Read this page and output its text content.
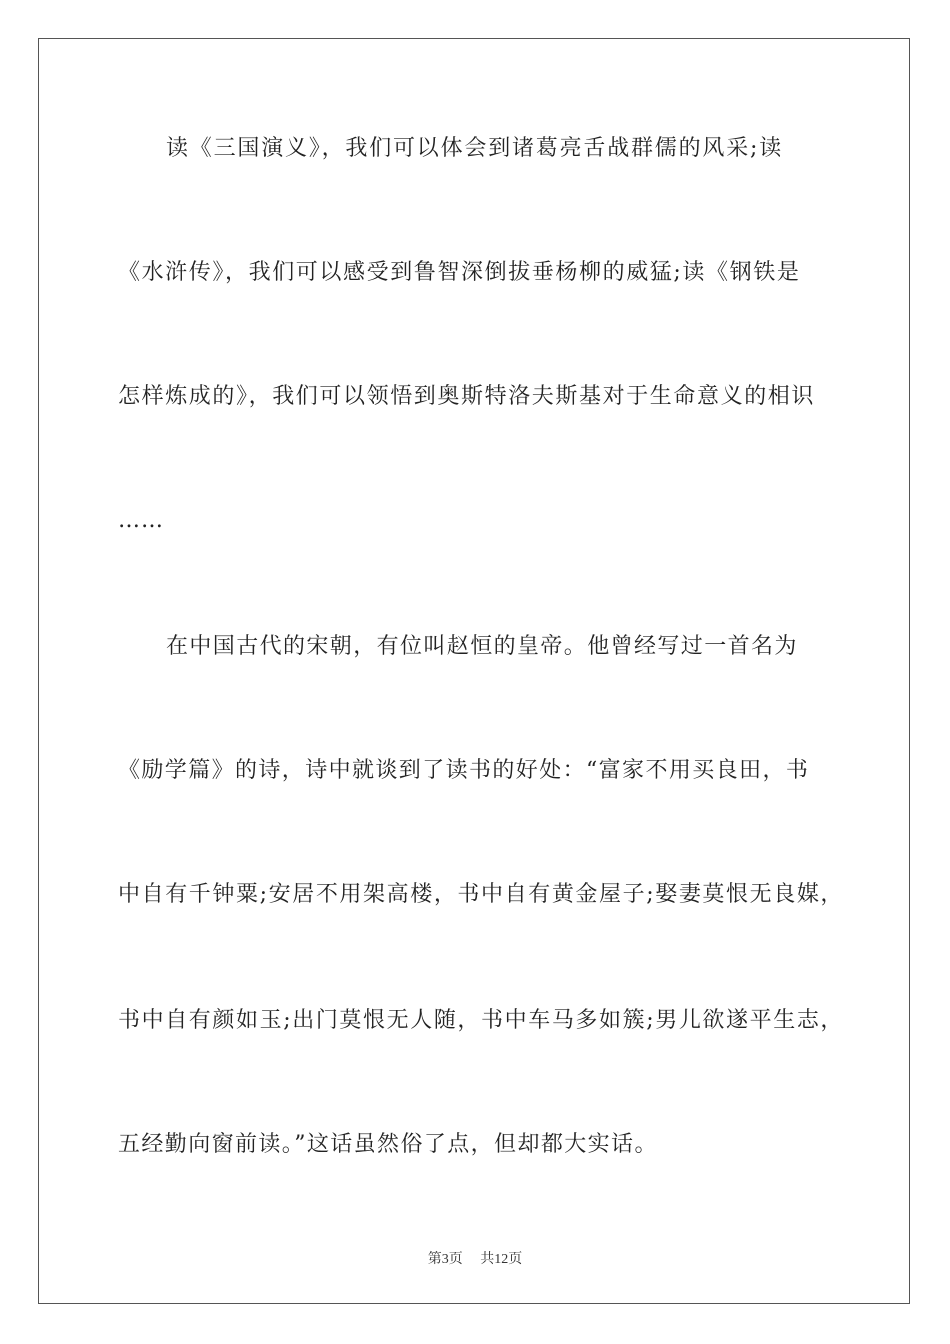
读《三国演义》，我们可以体会到诸葛亮舌战群儒的风采;读
《水浒传》，我们可以感受到鲁智深倒拔垂杨柳的威猛;读《钢铁是
怎样炼成的》，我们可以领悟到奥斯特洛夫斯基对于生命意义的相识
……
在中国古代的宋朝，有位叫赵恒的皇帝。他曾经写过一首名为
《励学篇》的诗，诗中就谈到了读书的好处：“富家不用买良田，书
中自有千钟粟;安居不用架高楼，书中自有黄金屋子;娶妻莫恨无良媒，
书中自有颜如玉;出门莫恨无人随，书中车马多如簇;男儿欲遂平生志，
五经勤向窗前读。”这话虽然俗了点，但却都大实话。
第3页 共12页
